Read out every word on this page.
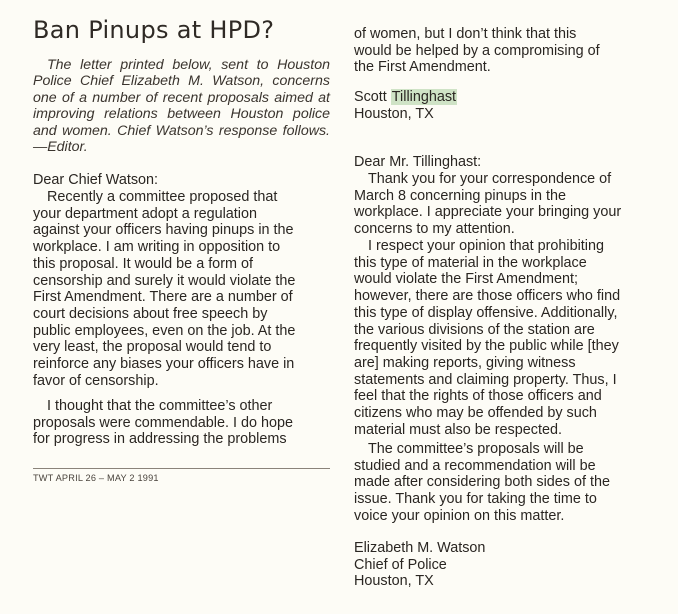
Ban Pinups at HPD?

The letter printed below, sent to Houston Police Chief Elizabeth M. Watson, concerns one of a number of recent proposals aimed at improving relations between Houston police and women. Chief Watson’s response follows.—Editor.

Dear Chief Watson:
Recently a committee proposed that
your department adopt a regulation
against your officers having pinups in the
workplace. I am writing in opposition to
this proposal. It would be a form of
censorship and surely it would violate the
First Amendment. There are a number of
court decisions about free speech by
public employees, even on the job. At the
very least, the proposal would tend to
reinforce any biases your officers have in
favor of censorship.
I thought that the committee’s other
proposals were commendable. I do hope
for progress in addressing the problems
TWT APRIL 26 – MAY 2 1991
of women, but I don’t think that this
would be helped by a compromising of
the First Amendment.
Scott Tillinghast
Houston, TX
Dear Mr. Tillinghast:
Thank you for your correspondence of
March 8 concerning pinups in the
workplace. I appreciate your bringing your
concerns to my attention.
I respect your opinion that prohibiting
this type of material in the workplace
would violate the First Amendment;
however, there are those officers who find
this type of display offensive. Additionally,
the various divisions of the station are
frequently visited by the public while [they
are] making reports, giving witness
statements and claiming property. Thus, I
feel that the rights of those officers and
citizens who may be offended by such
material must also be respected.
The committee’s proposals will be
studied and a recommendation will be
made after considering both sides of the
issue. Thank you for taking the time to
voice your opinion on this matter.
Elizabeth M. Watson
Chief of Police
Houston, TX
